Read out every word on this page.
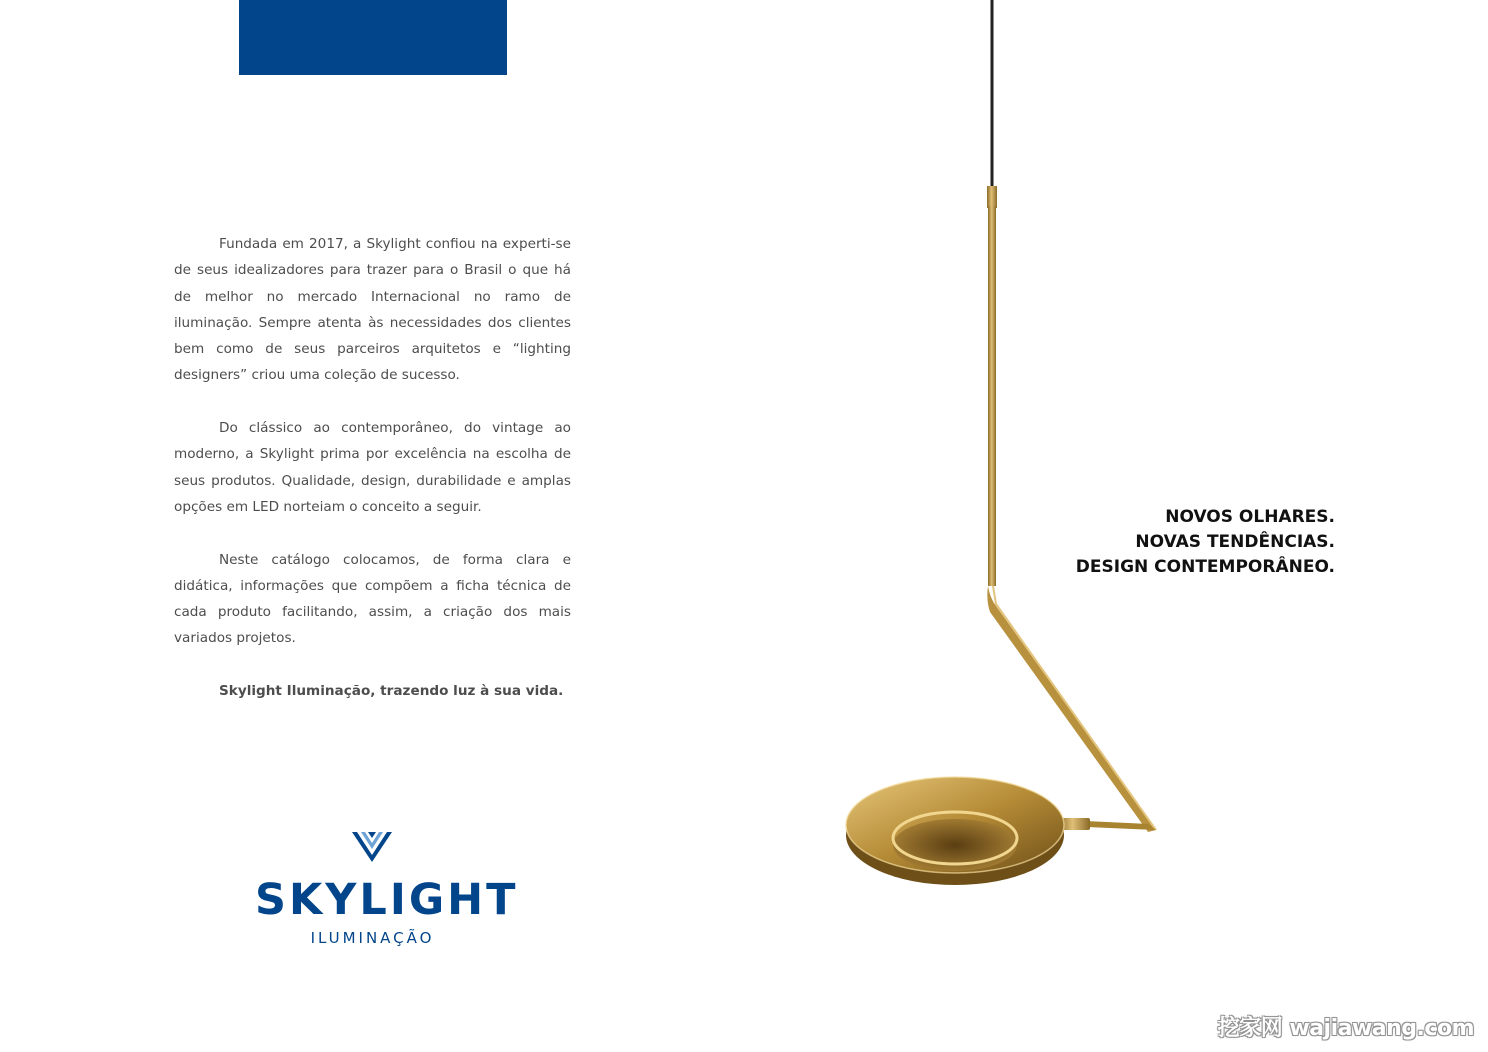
Fundada em 2017, a Skylight confiou na experti-se de seus idealizadores para trazer para o Brasil o que há de melhor no mercado Internacional no ramo de iluminação. Sempre atenta às necessidades dos clientes bem como de seus parceiros arquitetos e “lighting designers” criou uma coleção de sucesso.

Do clássico ao contemporâneo, do vintage ao moderno, a Skylight prima por excelência na escolha de seus produtos. Qualidade, design, durabilidade e amplas opções em LED norteiam o conceito a seguir.

Neste catálogo colocamos, de forma clara e didática, informações que compõem a ficha técnica de cada produto facilitando, assim, a criação dos mais variados projetos.

Skylight Iluminação, trazendo luz à sua vida.
SKYLIGHT
ILUMINAÇÃO
NOVOS OLHARES.
NOVAS TENDÊNCIAS.
DESIGN CONTEMPORÂNEO.
挖家网 wajiawang.com
